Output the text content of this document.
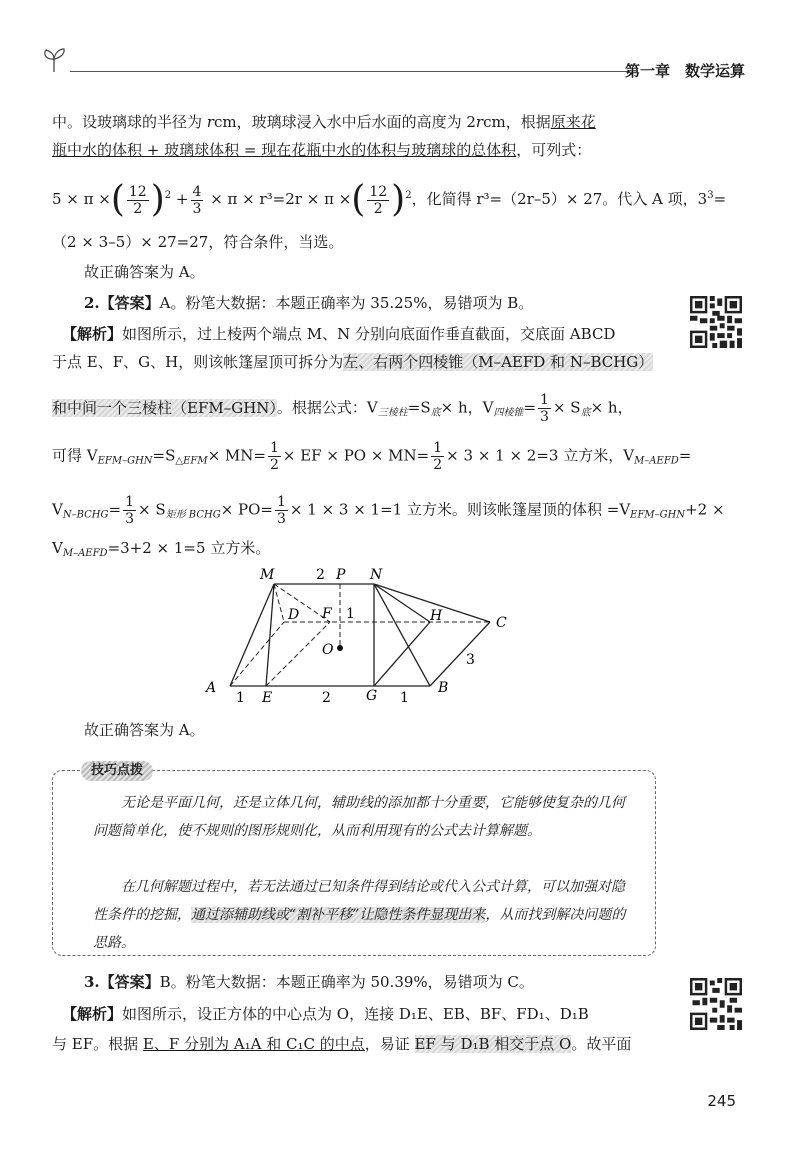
第一章　数学运算
中。设玻璃球的半径为 rcm，玻璃球浸入水中后水面的高度为 2rcm，根据原来花
瓶中水的体积 + 玻璃球体积 = 现在花瓶中水的体积与玻璃球的总体积，可列式：
5 × π ×( $\frac{12}{2} )^2 + \frac{4}{3} \times \pi \times r^3=2r \times \pi$ ×( $\frac{12}{2} )^2$，化简得 r³=（2r–5）× 27。代入 A 项，$3^3=$
（2 × 3–5）× 27=27，符合条件，当选。
故正确答案为 A。
2.【答案】A。粉笔大数据：本题正确率为 35.25%，易错项为 B。
【解析】如图所示，过上棱两个端点 M、N 分别向底面作垂直截面，交底面 ABCD
于点 E、F、G、H，则该帐篷屋顶可拆分为左、右两个四棱锥（M–AEFD 和 N–BCHG）
和中间一个三棱柱（EFM–GHN）。根据公式：$V_{三棱柱}=S_底\times h$，$V_{四棱锥}= \frac{1}{3} \times S_底\times h$，
可得 $V_{EFM-GHN}=S_{\triangle EFM}\times MN= \frac{1}{2}$ × EF × PO × $MN= \frac{1}{2} \times 3 \times 1 \times 2=3$ 立方米，$V_{M-AEFD}=$
$V_{N-BCHG}= \frac{1}{3} \times S_{矩形 BCHG}\times PO= \frac{1}{3} \times 1 \times 3 \times 1=1$ 立方米。则该帐篷屋顶的体积 $=V_{EFM-GHN}+2$ ×
$V_{M-AEFD}=3+2 \times 1=5$ 立方米。
M	P N
D F	H	C
O
A
E	G	B
2
1
3
1	2	1
故正确答案为 A。
技巧点拨

无论是平面几何，还是立体几何，辅助线的添加都十分重要，它能够使复杂的几何问题简单化，使不规则的图形规则化，从而利用现有的公式去计算解题。

在几何解题过程中，若无法通过已知条件得到结论或代入公式计算，可以加强对隐性条件的挖掘，通过添辅助线或“割补平移”让隐性条件显现出来，从而找到解决问题的思路。

3.【答案】B。粉笔大数据：本题正确率为 50.39%，易错项为 C。
【解析】如图所示，设正方体的中心点为 O，连接 D₁E、EB、BF、FD₁、D₁B
与 EF。根据 E、F 分别为 A₁A 和 C₁C 的中点，易证 EF 与 D₁B 相交于点 O。故平面
245
